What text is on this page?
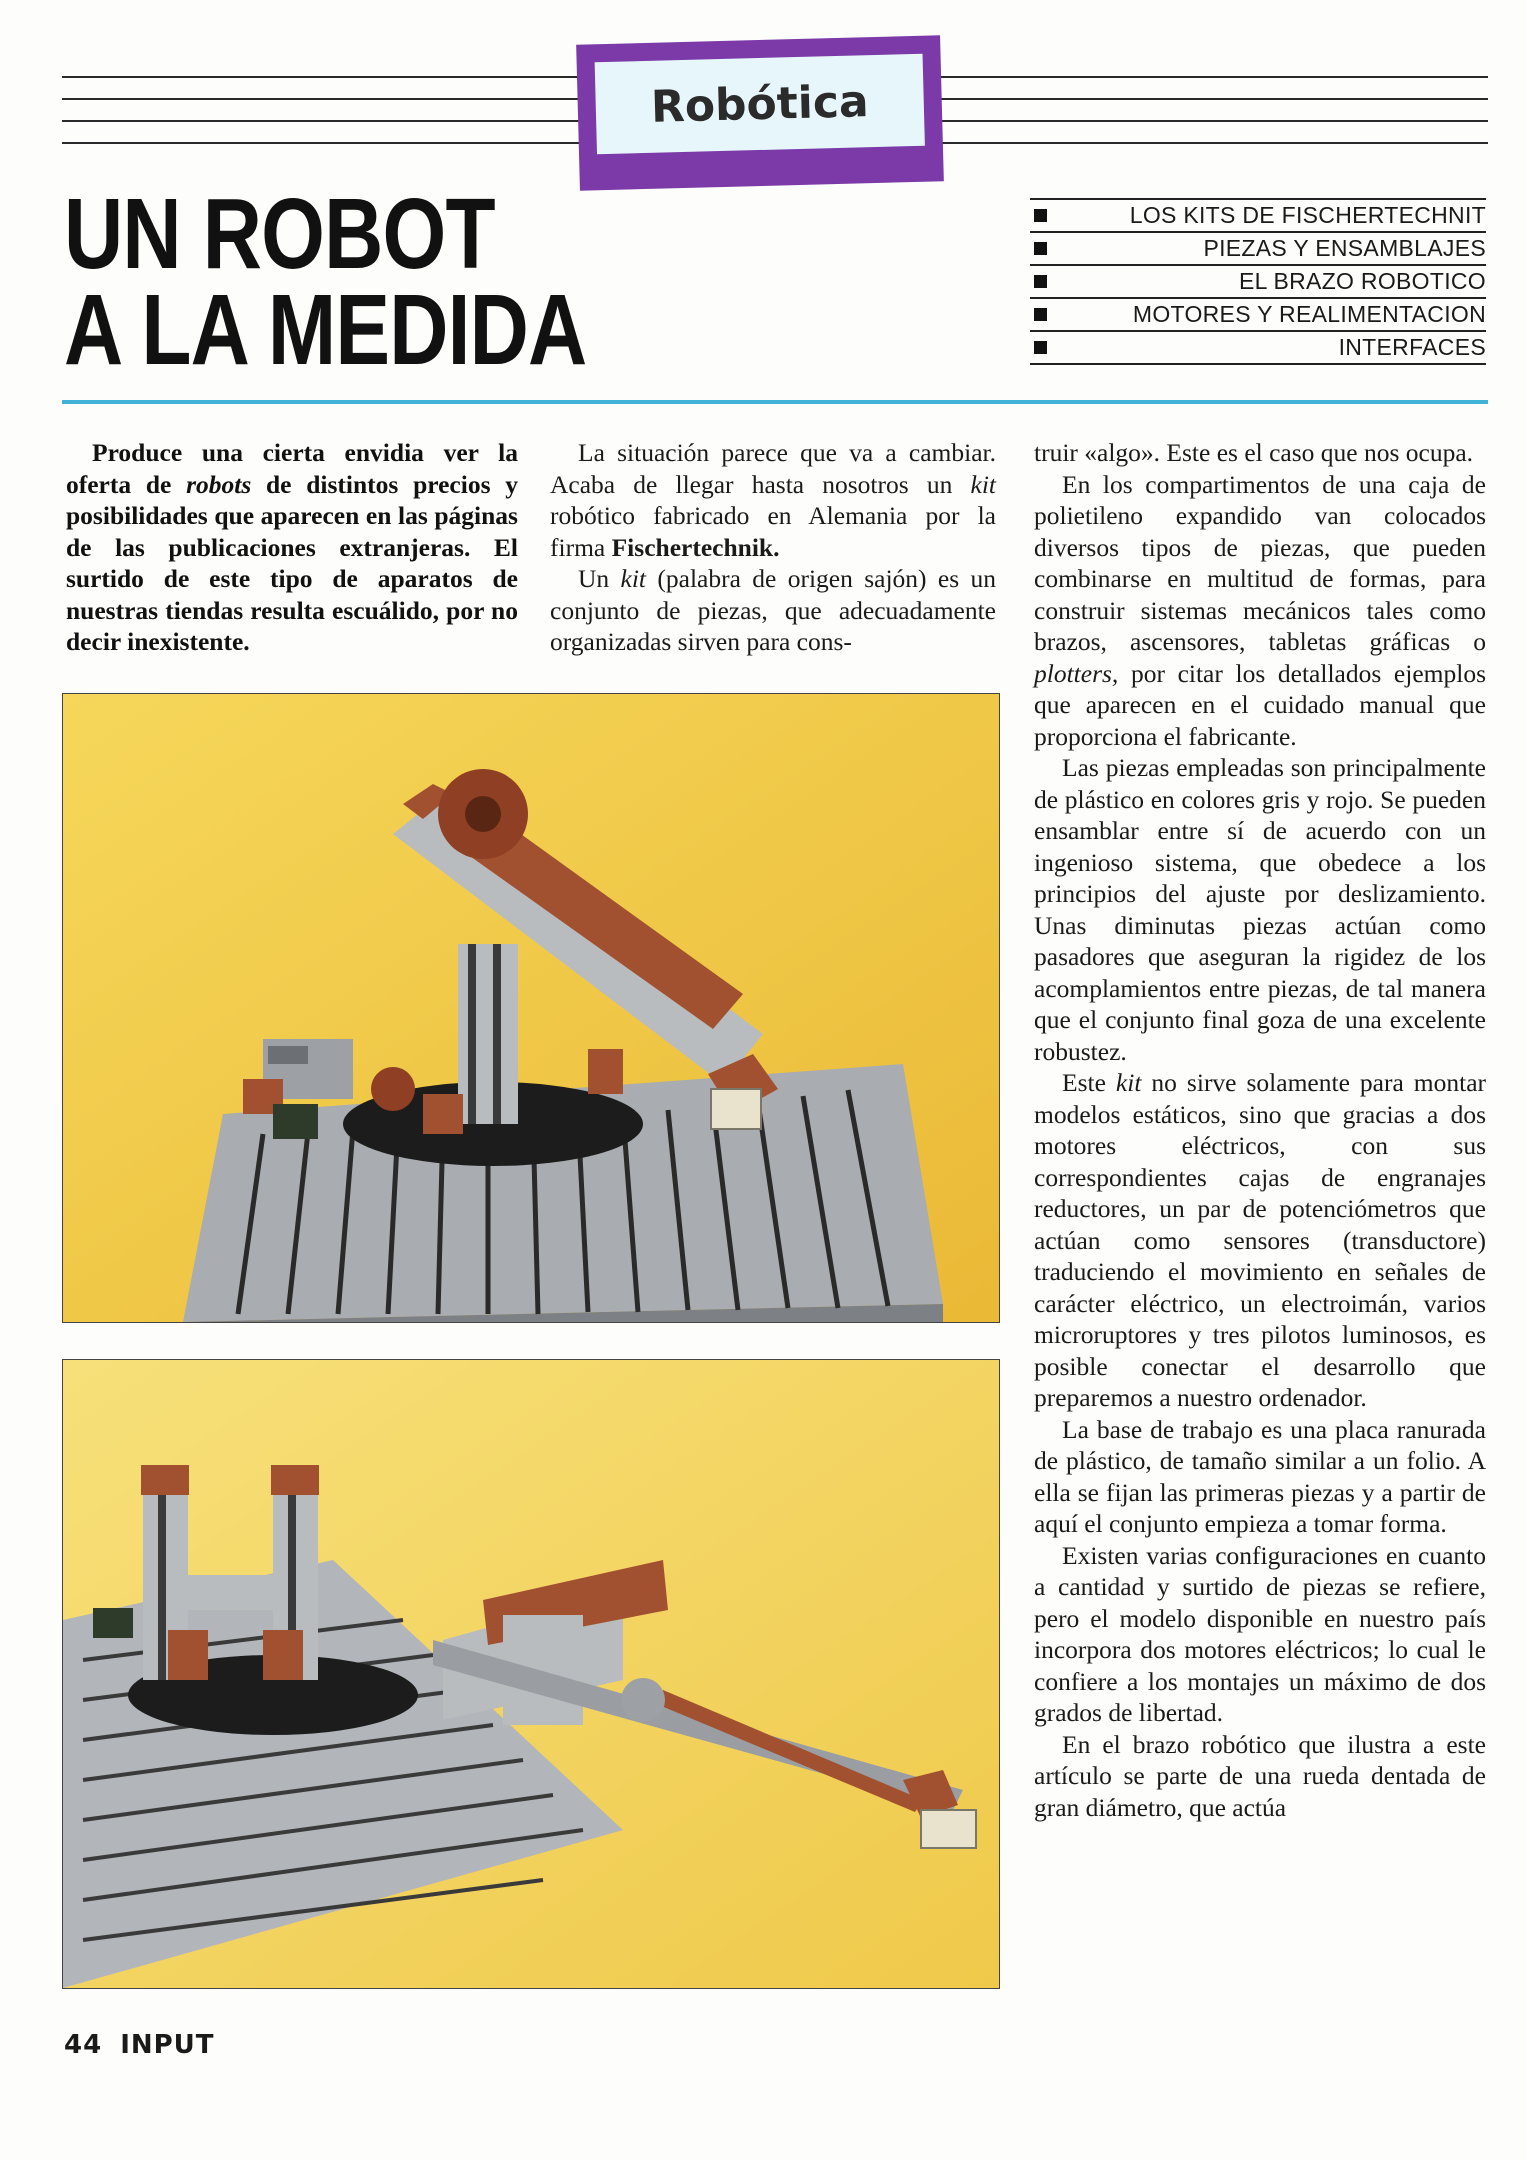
Robótica
UN ROBOT
A LA MEDIDA
LOS KITS DE FISCHERTECHNIT
PIEZAS Y ENSAMBLAJES
EL BRAZO ROBOTICO
MOTORES Y REALIMENTACION
INTERFACES
Produce una cierta envidia ver la oferta de robots de distintos precios y posibilidades que aparecen en las páginas de las publicaciones extranjeras. El surtido de este tipo de aparatos de nuestras tiendas resulta escuálido, por no decir inexistente.

La situación parece que va a cambiar. Acaba de llegar hasta nosotros un kit robótico fabricado en Alemania por la firma Fischertechnik.

Un kit (palabra de origen sajón) es un conjunto de piezas, que adecuadamente organizadas sirven para cons-

truir «algo». Este es el caso que nos ocupa.

En los compartimentos de una caja de polietileno expandido van colocados diversos tipos de piezas, que pueden combinarse en multitud de formas, para construir sistemas mecánicos tales como brazos, ascensores, tabletas gráficas o plotters, por citar los detallados ejemplos que aparecen en el cuidado manual que proporciona el fabricante.

Las piezas empleadas son principalmente de plástico en colores gris y rojo. Se pueden ensamblar entre sí de acuerdo con un ingenioso sistema, que obedece a los principios del ajuste por deslizamiento. Unas diminutas piezas actúan como pasadores que aseguran la rigidez de los acomplamientos entre piezas, de tal manera que el conjunto final goza de una excelente robustez.

Este kit no sirve solamente para montar modelos estáticos, sino que gracias a dos motores eléctricos, con sus correspondientes cajas de engranajes reductores, un par de potenciómetros que actúan como sensores (transductore) traduciendo el movimiento en señales de carácter eléctrico, un electroimán, varios microruptores y tres pilotos luminosos, es posible conectar el desarrollo que preparemos a nuestro ordenador.

La base de trabajo es una placa ranurada de plástico, de tamaño similar a un folio. A ella se fijan las primeras piezas y a partir de aquí el conjunto empieza a tomar forma.

Existen varias configuraciones en cuanto a cantidad y surtido de piezas se refiere, pero el modelo disponible en nuestro país incorpora dos motores eléctricos; lo cual le confiere a los montajes un máximo de dos grados de libertad.

En el brazo robótico que ilustra a este artículo se parte de una rueda dentada de gran diámetro, que actúa

44 INPUT
